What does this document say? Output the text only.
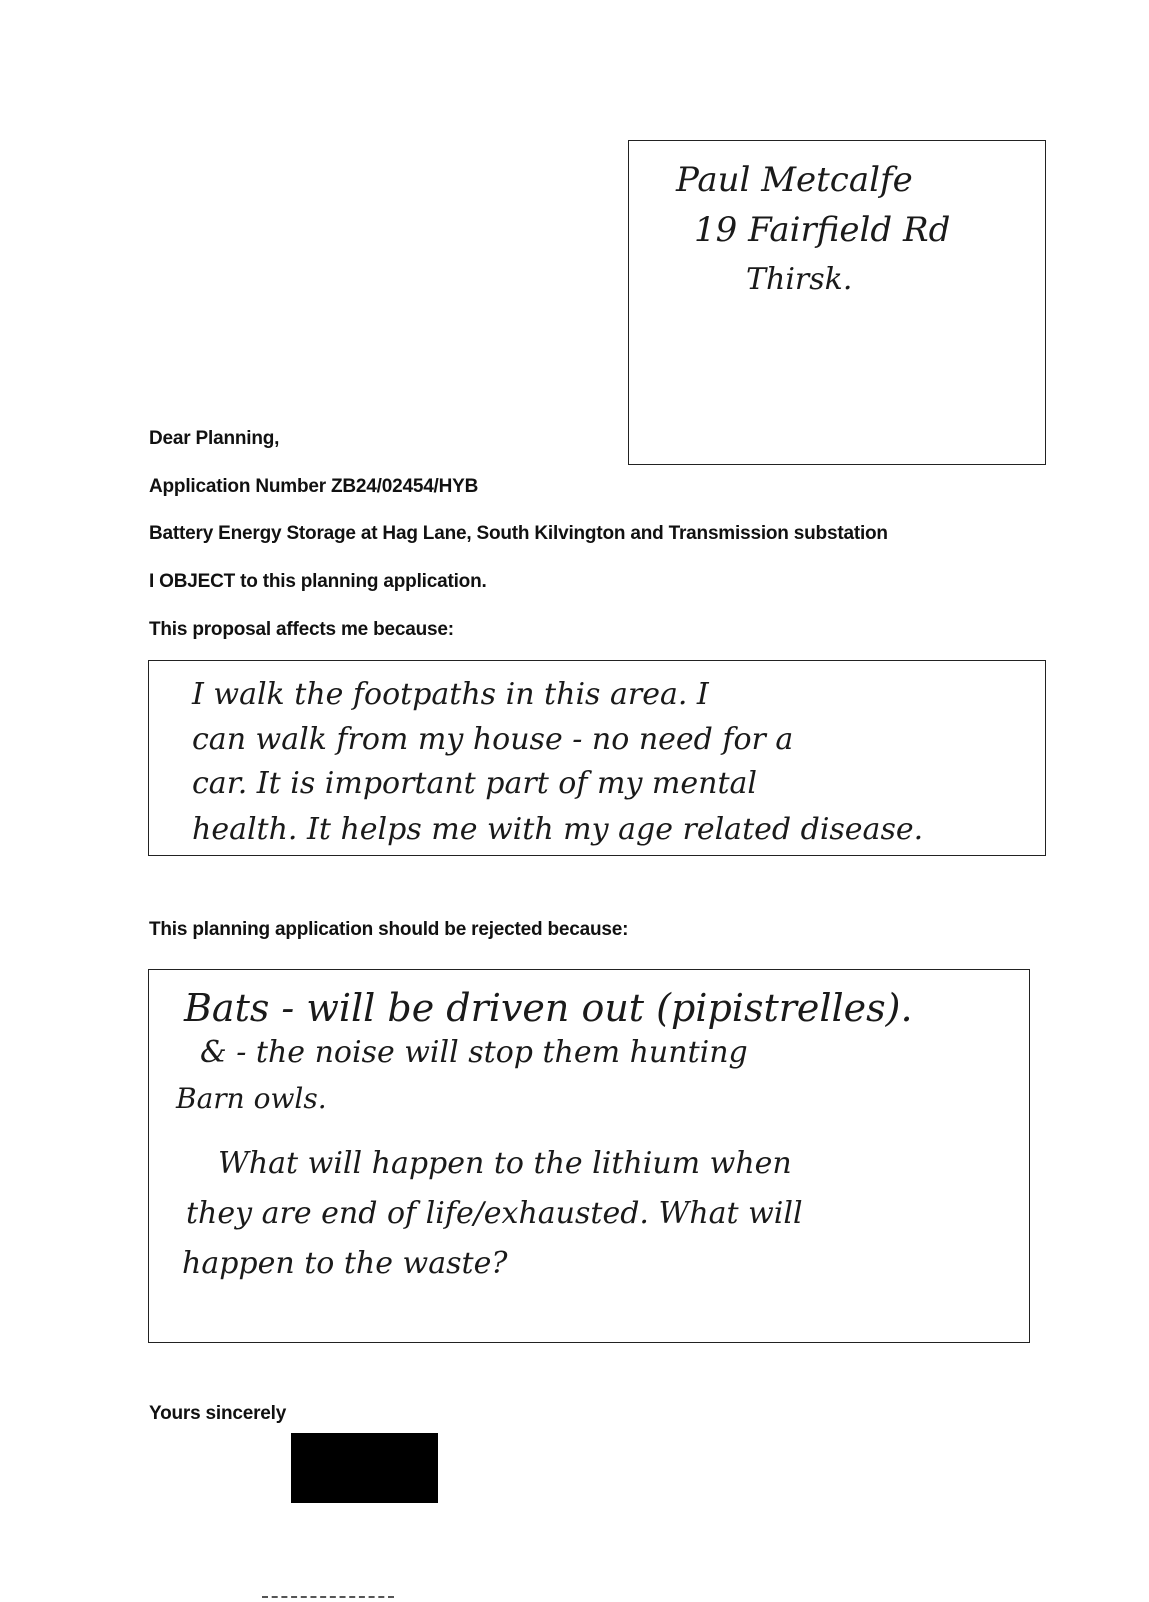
Paul Metcalfe
19 Fairfield Rd
Thirsk.
Dear Planning,
Application Number ZB24/02454/HYB
Battery Energy Storage at Hag Lane, South Kilvington and Transmission substation
I OBJECT to this planning application.
This proposal affects me because:
I walk the footpaths in this area. I
can walk from my house - no need for a
car. It is important part of my mental
health. It helps me with my age related disease.
This planning application should be rejected because:
Bats - will be driven out (pipistrelles).
& - the noise will stop them hunting
Barn owls.
What will happen to the lithium when
they are end of life/exhausted. What will
happen to the waste?
Yours sincerely
